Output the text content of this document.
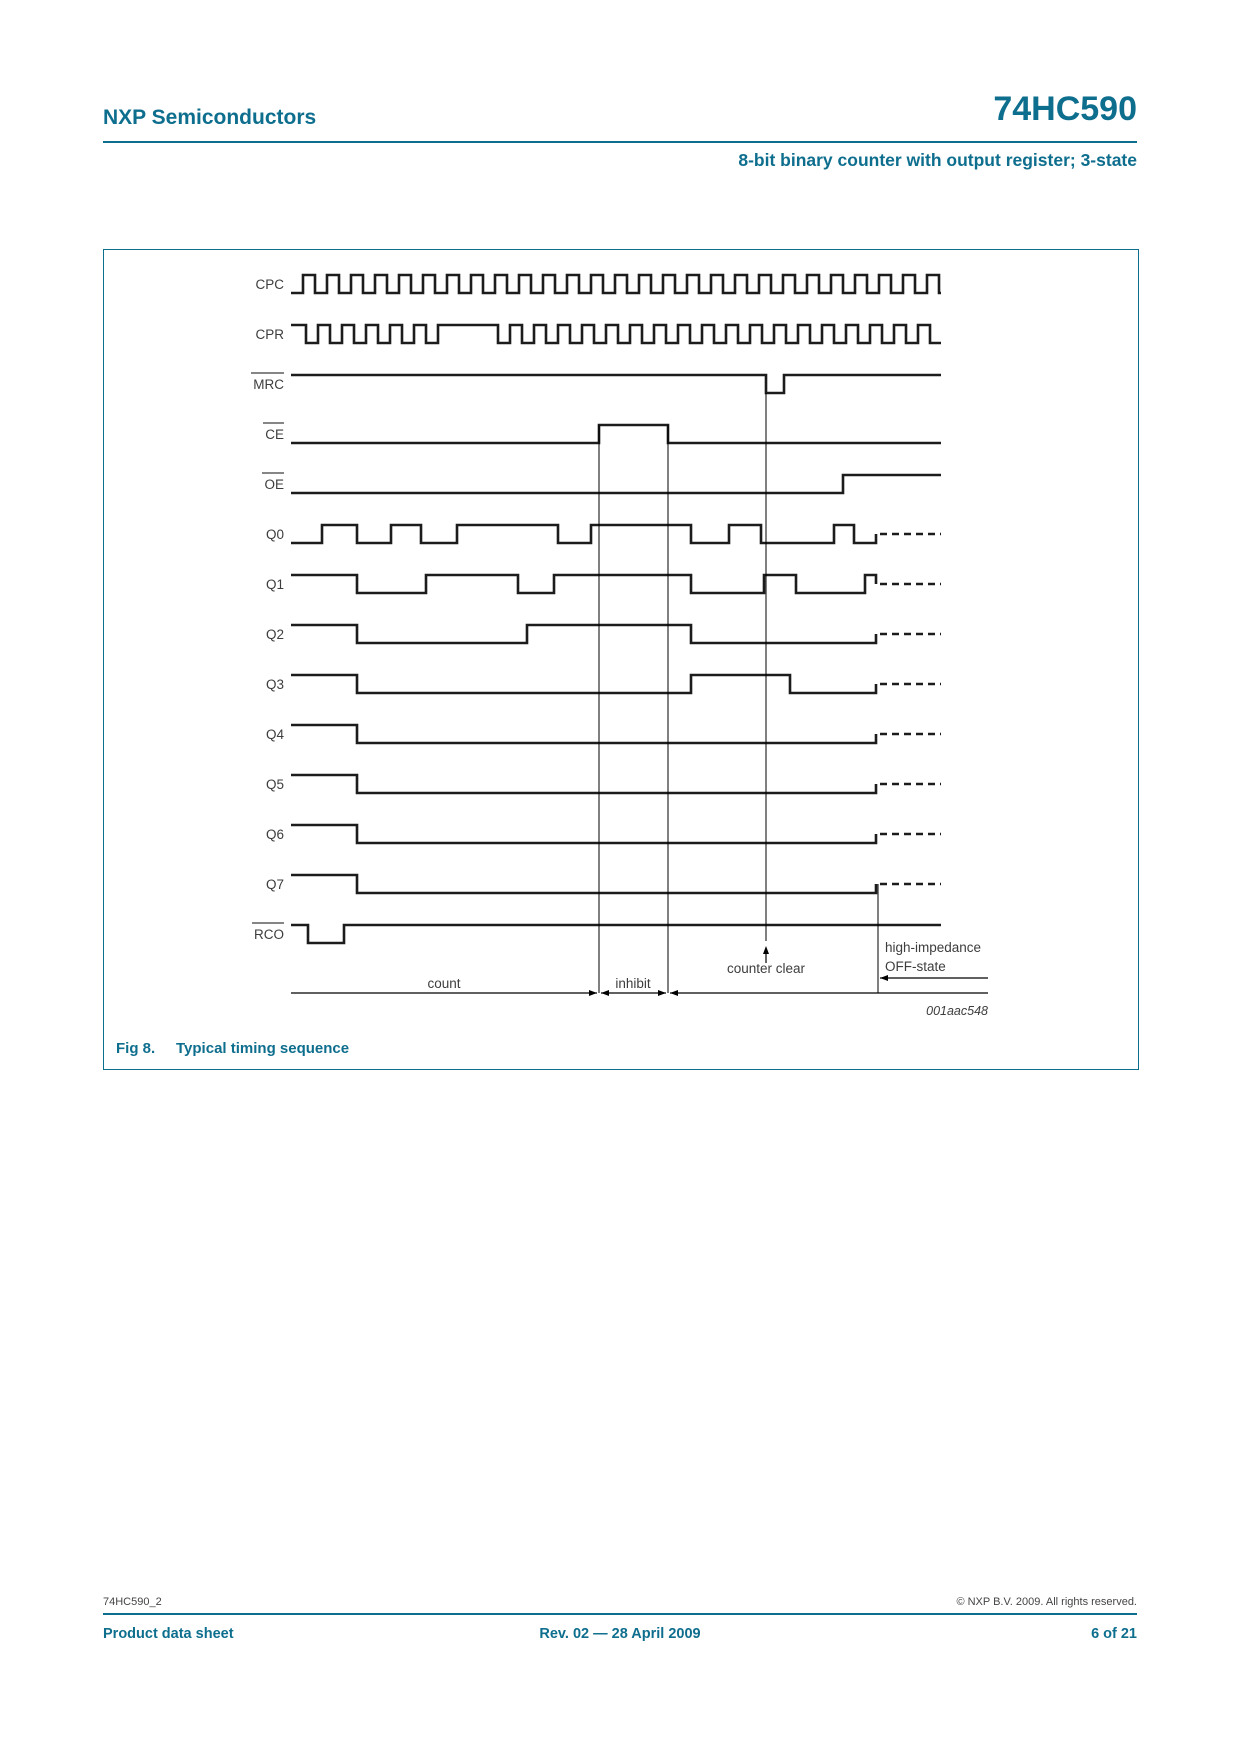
NXP Semiconductors	74HC590
8-bit binary counter with output register; 3-state
CPC
CPR
MRC
CE
OE
Q0
Q1
Q2
Q3
Q4
Q5
Q6
Q7
RCO
count	inhibit
counter clear
high-impedance
OFF-state
001aac548
Fig 8. Typical timing sequence
74HC590_2	© NXP B.V. 2009. All rights reserved.
Product data sheet	Rev. 02 — 28 April 2009	6 of 21
